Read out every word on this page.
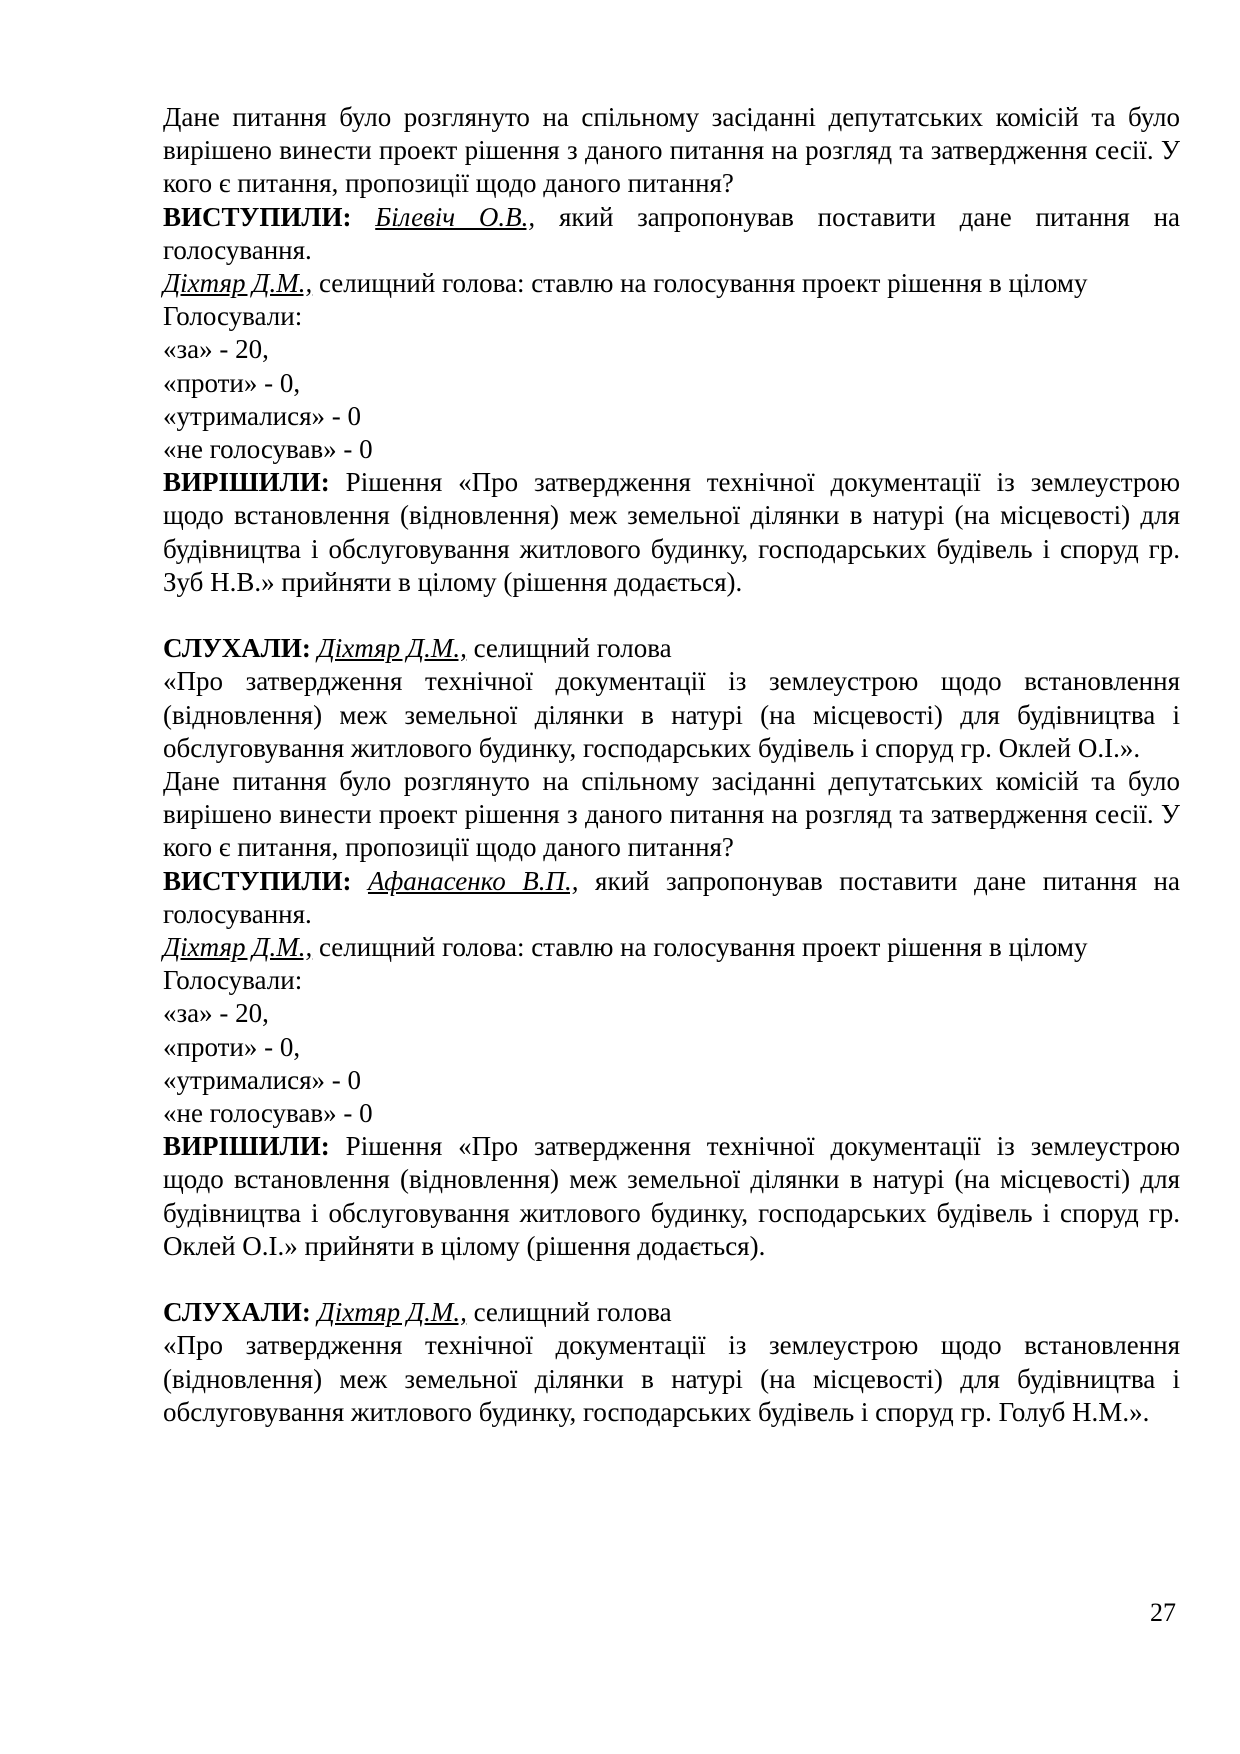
Дане питання було розглянуто на спільному засіданні депутатських комісій та було вирішено винести проект рішення з даного питання на розгляд та затвердження сесії. У кого є питання, пропозиції щодо даного питання?

ВИСТУПИЛИ: Білевіч О.В., який запропонував поставити дане питання на голосування.

Діхтяр Д.М., селищний голова: ставлю на голосування проект рішення в цілому

Голосували:

«за» - 20,

«проти» - 0,

«утрималися» - 0

«не голосував» - 0

ВИРІШИЛИ: Рішення «Про затвердження технічної документації із землеустрою щодо встановлення (відновлення) меж земельної ділянки в натурі (на місцевості) для будівництва і обслуговування житлового будинку, господарських будівель і споруд гр. Зуб Н.В.» прийняти в цілому (рішення додається).

СЛУХАЛИ: Діхтяр Д.М., селищний голова

«Про затвердження технічної документації із землеустрою щодо встановлення (відновлення) меж земельної ділянки в натурі (на місцевості) для будівництва і обслуговування житлового будинку, господарських будівель і споруд гр. Оклей О.І.».

Дане питання було розглянуто на спільному засіданні депутатських комісій та було вирішено винести проект рішення з даного питання на розгляд та затвердження сесії. У кого є питання, пропозиції щодо даного питання?

ВИСТУПИЛИ: Афанасенко В.П., який запропонував поставити дане питання на голосування.

Діхтяр Д.М., селищний голова: ставлю на голосування проект рішення в цілому

Голосували:

«за» - 20,

«проти» - 0,

«утрималися» - 0

«не голосував» - 0

ВИРІШИЛИ: Рішення «Про затвердження технічної документації із землеустрою щодо встановлення (відновлення) меж земельної ділянки в натурі (на місцевості) для будівництва і обслуговування житлового будинку, господарських будівель і споруд гр. Оклей О.І.» прийняти в цілому (рішення додається).

СЛУХАЛИ: Діхтяр Д.М., селищний голова

«Про затвердження технічної документації із землеустрою щодо встановлення (відновлення) меж земельної ділянки в натурі (на місцевості) для будівництва і обслуговування житлового будинку, господарських будівель і споруд гр. Голуб Н.М.».

27
